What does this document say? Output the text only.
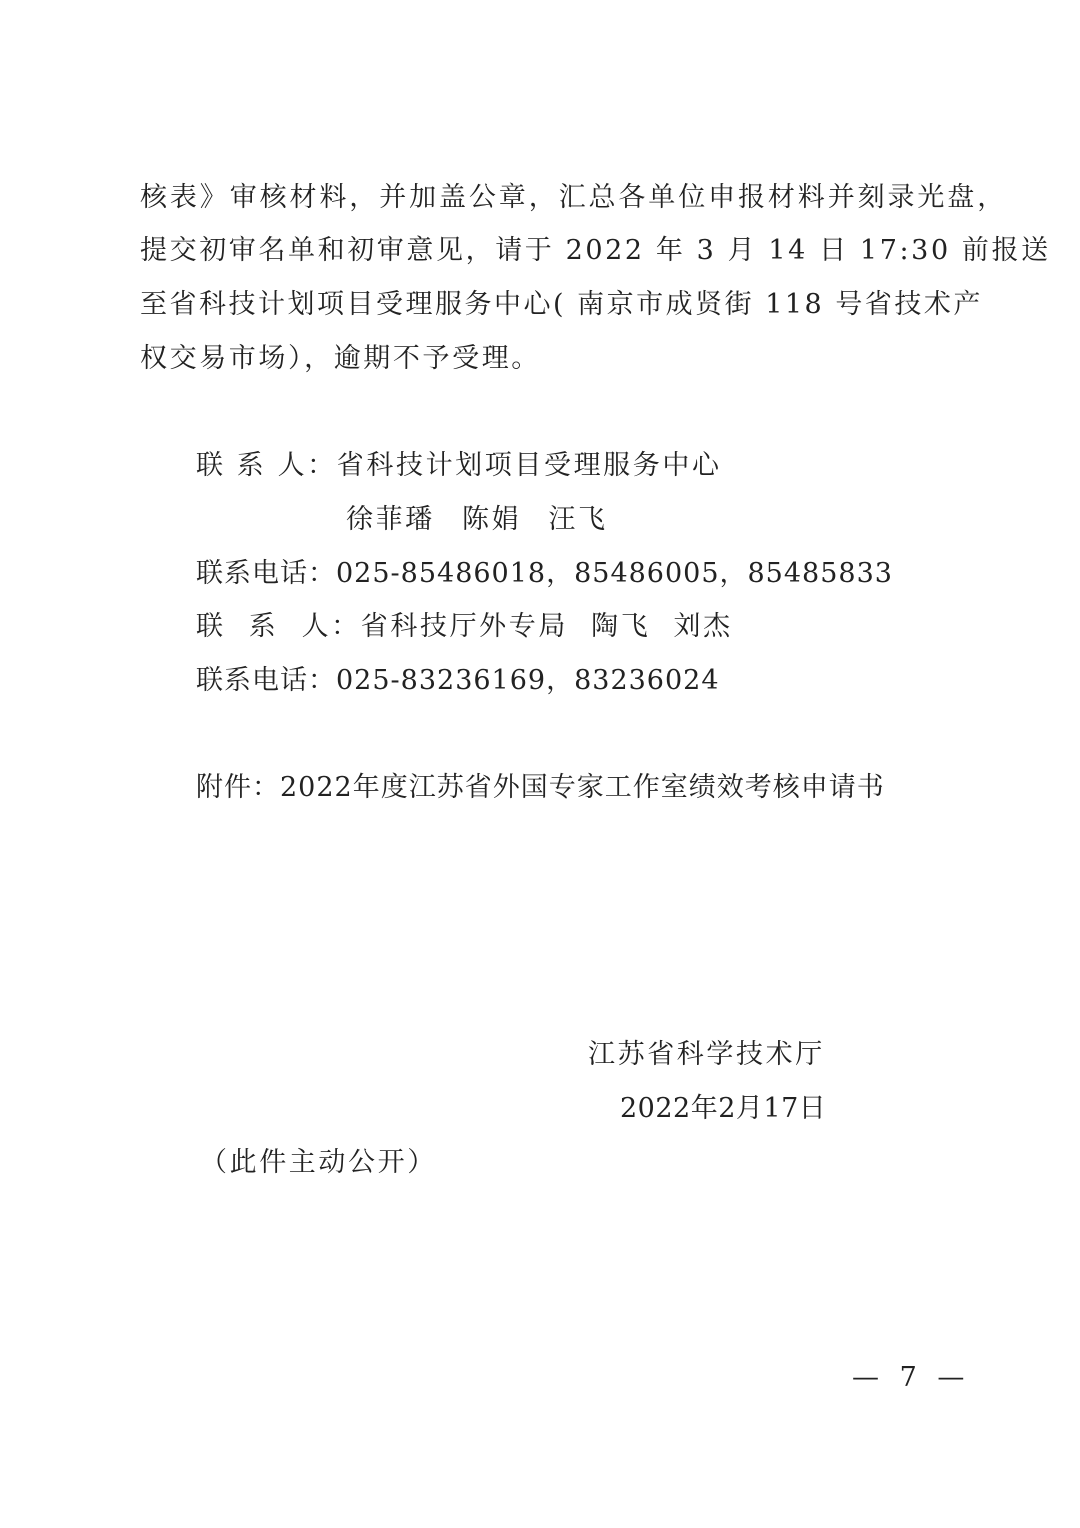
核表》审核材料，并加盖公章，汇总各单位申报材料并刻录光盘，
提交初审名单和初审意见，请于 2022 年 3 月 14 日 17:30 前报送
至省科技计划项目受理服务中心( 南京市成贤街 118 号省技术产
权交易市场），逾期不予受理。
联 系 人：省科技计划项目受理服务中心
徐菲璠 陈娟 汪飞
联系电话：025-85486018，85486005，85485833
联 系 人：省科技厅外专局 陶飞 刘杰
联系电话：025-83236169，83236024
附件：2022年度江苏省外国专家工作室绩效考核申请书
江苏省科学技术厅
2022年2月17日
（此件主动公开）
— 7 —
